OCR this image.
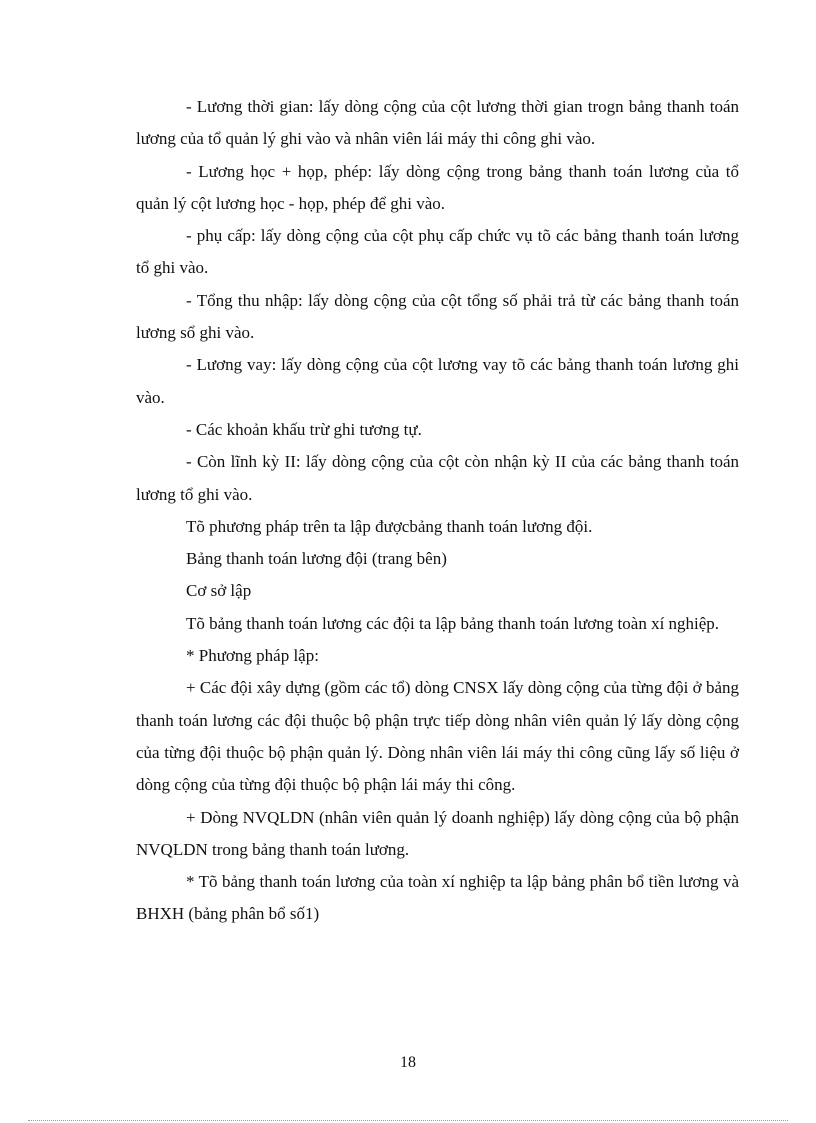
- Lương thời gian: lấy dòng cộng của cột lương thời gian trogn bảng thanh toán lương của tổ quản lý ghi vào và nhân viên lái máy thi công ghi vào.

- Lương học + họp, phép: lấy dòng cộng trong bảng thanh toán lương của tổ quản lý cột lương học - họp, phép để ghi vào.

- phụ cấp: lấy dòng cộng của cột phụ cấp chức vụ tõ các bảng thanh toán lương tổ ghi vào.

- Tổng thu nhập: lấy dòng cộng của cột tổng số phải trả từ các bảng thanh toán lương sổ ghi vào.

- Lương vay: lấy dòng cộng của cột lương vay tõ các bảng thanh toán lương ghi vào.

- Các khoản khấu trừ ghi tương tự.

- Còn lĩnh kỳ II: lấy dòng cộng của cột còn nhận kỳ II của các bảng thanh toán lương tổ ghi vào.

Tõ phương pháp trên ta lập đượcbảng thanh toán lương đội.

Bảng thanh toán lương đội (trang bên)

Cơ sở lập

Tõ bảng thanh toán lương các đội ta lập bảng thanh toán lương toàn xí nghiệp.

* Phương pháp lập:

+ Các đội xây dựng (gồm các tổ) dòng CNSX lấy dòng cộng của từng đội ở bảng thanh toán lương các đội thuộc bộ phận trực tiếp dòng nhân viên quản lý lấy dòng cộng của từng đội thuộc bộ phận quản lý. Dòng nhân viên lái máy thi công cũng lấy số liệu ở dòng cộng của từng đội thuộc bộ phận lái máy thi công.

+ Dòng NVQLDN (nhân viên quản lý doanh nghiệp) lấy dòng cộng của bộ phận NVQLDN trong bảng thanh toán lương.

* Tõ bảng thanh toán lương của toàn xí nghiệp ta lập bảng phân bổ tiền lương và BHXH (bảng phân bổ số1)

18
